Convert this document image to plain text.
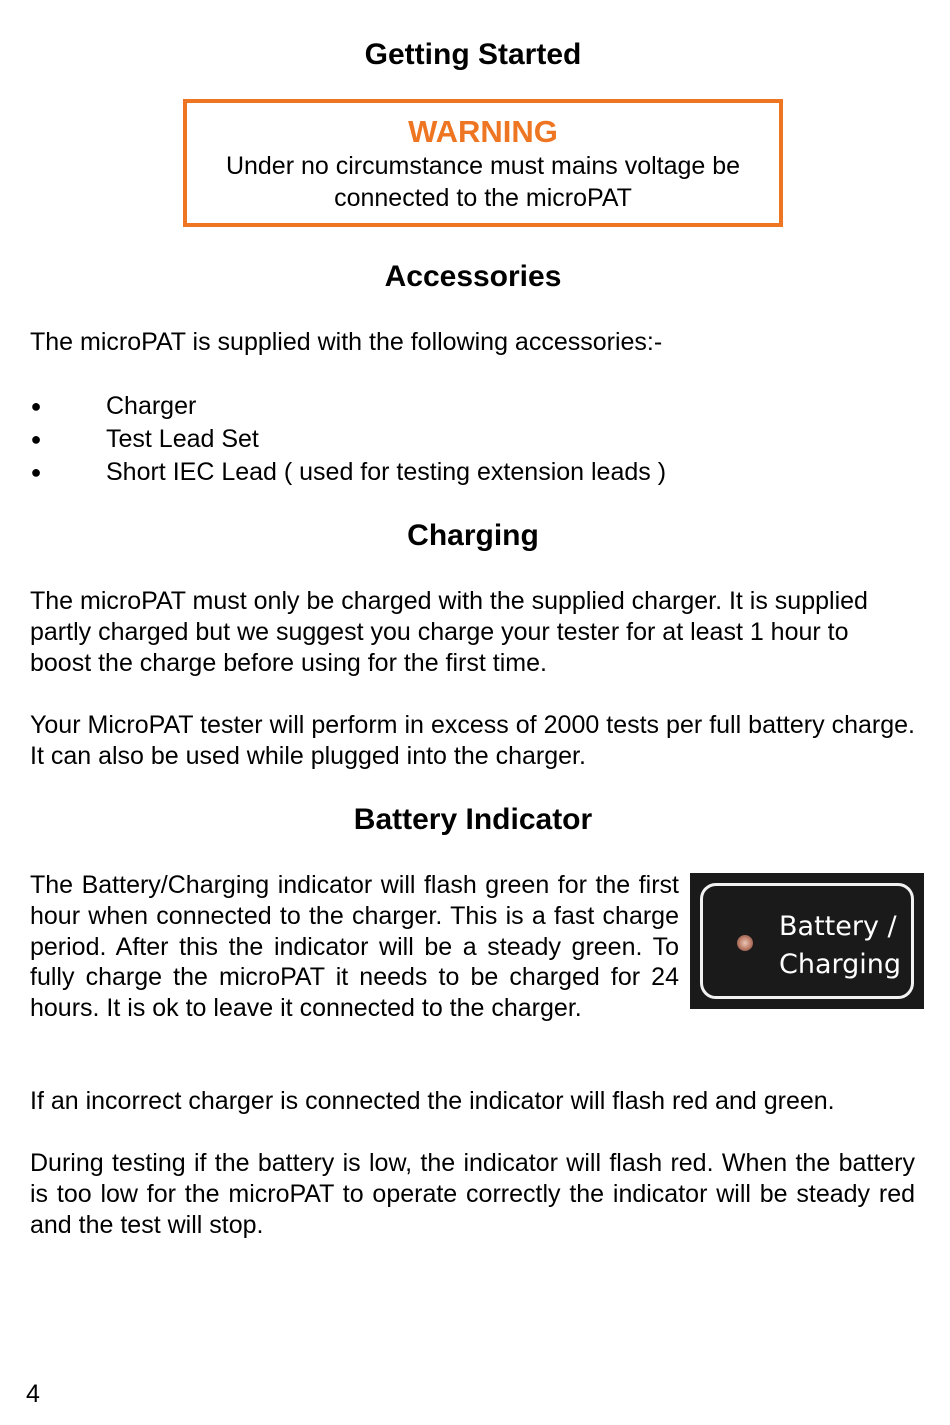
Getting Started
WARNING
Under no circumstance must mains voltage be
connected to the microPAT
Accessories

The microPAT is supplied with the following accessories:-

●	Charger
●	Test Lead Set
●	Short IEC Lead ( used for testing extension leads )
Charging

The microPAT must only be charged with the supplied charger. It is supplied partly charged but we suggest you charge your tester for at least 1 hour to boost the charge before using for the first time.

Your MicroPAT tester will perform in excess of 2000 tests per full battery charge. It can also be used while plugged into the charger.

Battery Indicator

The Battery/Charging indicator will flash green for the first hour when connected to the charger. This is a fast charge period. After this the indicator will be a steady green. To fully charge the microPAT it needs to be charged for 24 hours. It is ok to leave it connected to the charger.

Battery /
Charging

If an incorrect charger is connected the indicator will flash red and green.

During testing if the battery is low, the indicator will flash red. When the battery is too low for the microPAT to operate correctly the indicator will be steady red and the test will stop.

4
